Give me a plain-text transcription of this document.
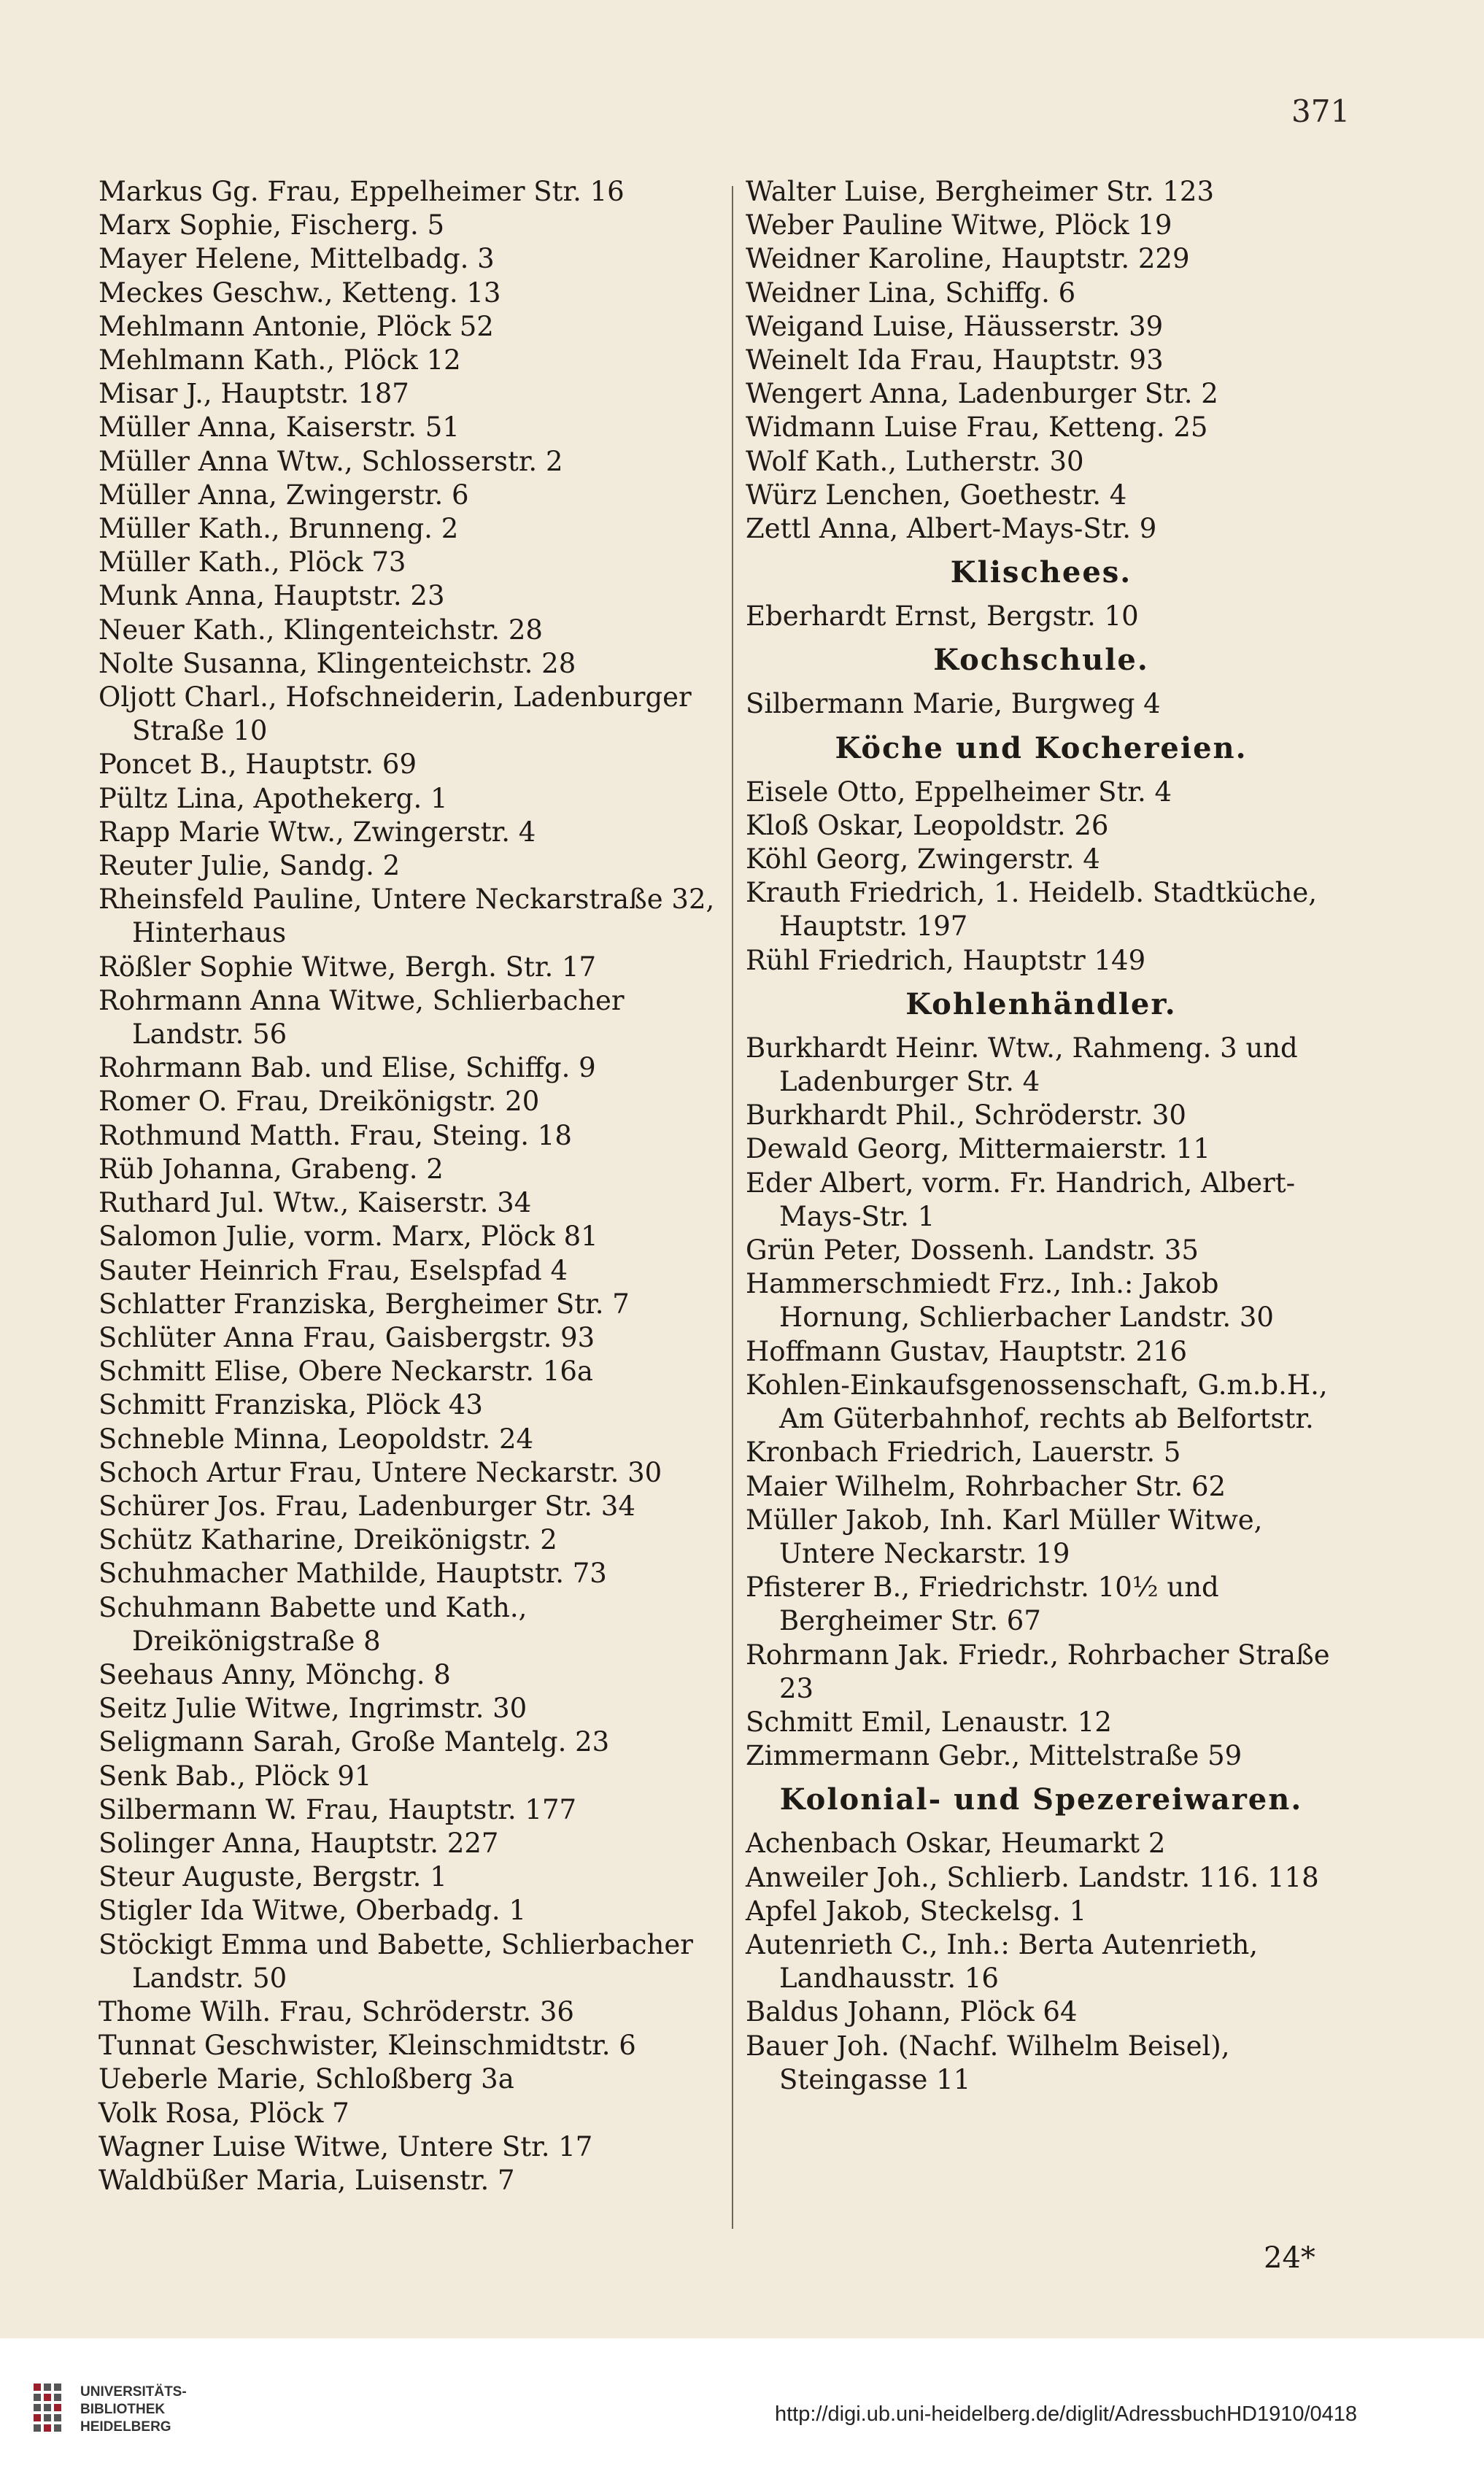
371
Markus Gg. Frau, Eppelheimer Str. 16
Marx Sophie, Fischerg. 5
Mayer Helene, Mittelbadg. 3
Meckes Geschw., Ketteng. 13
Mehlmann Antonie, Plöck 52
Mehlmann Kath., Plöck 12
Misar J., Hauptstr. 187
Müller Anna, Kaiserstr. 51
Müller Anna Wtw., Schlosserstr. 2
Müller Anna, Zwingerstr. 6
Müller Kath., Brunneng. 2
Müller Kath., Plöck 73
Munk Anna, Hauptstr. 23
Neuer Kath., Klingenteichstr. 28
Nolte Susanna, Klingenteichstr. 28
Oljott Charl., Hofschneiderin, Ladenburger Straße 10
Poncet B., Hauptstr. 69
Pültz Lina, Apothekerg. 1
Rapp Marie Wtw., Zwingerstr. 4
Reuter Julie, Sandg. 2
Rheinsfeld Pauline, Untere Neckarstraße 32, Hinterhaus
Rößler Sophie Witwe, Bergh. Str. 17
Rohrmann Anna Witwe, Schlierbacher Landstr. 56
Rohrmann Bab. und Elise, Schiffg. 9
Romer O. Frau, Dreikönigstr. 20
Rothmund Matth. Frau, Steing. 18
Rüb Johanna, Grabeng. 2
Ruthard Jul. Wtw., Kaiserstr. 34
Salomon Julie, vorm. Marx, Plöck 81
Sauter Heinrich Frau, Eselspfad 4
Schlatter Franziska, Bergheimer Str. 7
Schlüter Anna Frau, Gaisbergstr. 93
Schmitt Elise, Obere Neckarstr. 16a
Schmitt Franziska, Plöck 43
Schneble Minna, Leopoldstr. 24
Schoch Artur Frau, Untere Neckarstr. 30
Schürer Jos. Frau, Ladenburger Str. 34
Schütz Katharine, Dreikönigstr. 2
Schuhmacher Mathilde, Hauptstr. 73
Schuhmann Babette und Kath., Dreikönigstraße 8
Seehaus Anny, Mönchg. 8
Seitz Julie Witwe, Ingrimstr. 30
Seligmann Sarah, Große Mantelg. 23
Senk Bab., Plöck 91
Silbermann W. Frau, Hauptstr. 177
Solinger Anna, Hauptstr. 227
Steur Auguste, Bergstr. 1
Stigler Ida Witwe, Oberbadg. 1
Stöckigt Emma und Babette, Schlierbacher Landstr. 50
Thome Wilh. Frau, Schröderstr. 36
Tunnat Geschwister, Kleinschmidtstr. 6
Ueberle Marie, Schloßberg 3a
Volk Rosa, Plöck 7
Wagner Luise Witwe, Untere Str. 17
Waldbüßer Maria, Luisenstr. 7
Walter Luise, Bergheimer Str. 123
Weber Pauline Witwe, Plöck 19
Weidner Karoline, Hauptstr. 229
Weidner Lina, Schiffg. 6
Weigand Luise, Häusserstr. 39
Weinelt Ida Frau, Hauptstr. 93
Wengert Anna, Ladenburger Str. 2
Widmann Luise Frau, Ketteng. 25
Wolf Kath., Lutherstr. 30
Würz Lenchen, Goethestr. 4
Zettl Anna, Albert-Mays-Str. 9
Klischees.
Eberhardt Ernst, Bergstr. 10
Kochschule.
Silbermann Marie, Burgweg 4
Köche und Kochereien.
Eisele Otto, Eppelheimer Str. 4
Kloß Oskar, Leopoldstr. 26
Köhl Georg, Zwingerstr. 4
Krauth Friedrich, 1. Heidelb. Stadtküche, Hauptstr. 197
Rühl Friedrich, Hauptstr 149
Kohlenhändler.
Burkhardt Heinr. Wtw., Rahmeng. 3 und Ladenburger Str. 4
Burkhardt Phil., Schröderstr. 30
Dewald Georg, Mittermaierstr. 11
Eder Albert, vorm. Fr. Handrich, Albert-Mays-Str. 1
Grün Peter, Dossenh. Landstr. 35
Hammerschmiedt Frz., Inh.: Jakob Hornung, Schlierbacher Landstr. 30
Hoffmann Gustav, Hauptstr. 216
Kohlen-Einkaufsgenossenschaft, G.m.b.H., Am Güterbahnhof, rechts ab Belfortstr.
Kronbach Friedrich, Lauerstr. 5
Maier Wilhelm, Rohrbacher Str. 62
Müller Jakob, Inh. Karl Müller Witwe, Untere Neckarstr. 19
Pfisterer B., Friedrichstr. 10½ und Bergheimer Str. 67
Rohrmann Jak. Friedr., Rohrbacher Straße 23
Schmitt Emil, Lenaustr. 12
Zimmermann Gebr., Mittelstraße 59
Kolonial- und Spezereiwaren.
Achenbach Oskar, Heumarkt 2
Anweiler Joh., Schlierb. Landstr. 116. 118
Apfel Jakob, Steckelsg. 1
Autenrieth C., Inh.: Berta Autenrieth, Landhausstr. 16
Baldus Johann, Plöck 64
Bauer Joh. (Nachf. Wilhelm Beisel), Steingasse 11
24*
UNIVERSITÄTS-
BIBLIOTHEK
HEIDELBERG
http://digi.ub.uni-heidelberg.de/diglit/AdressbuchHD1910/0418
